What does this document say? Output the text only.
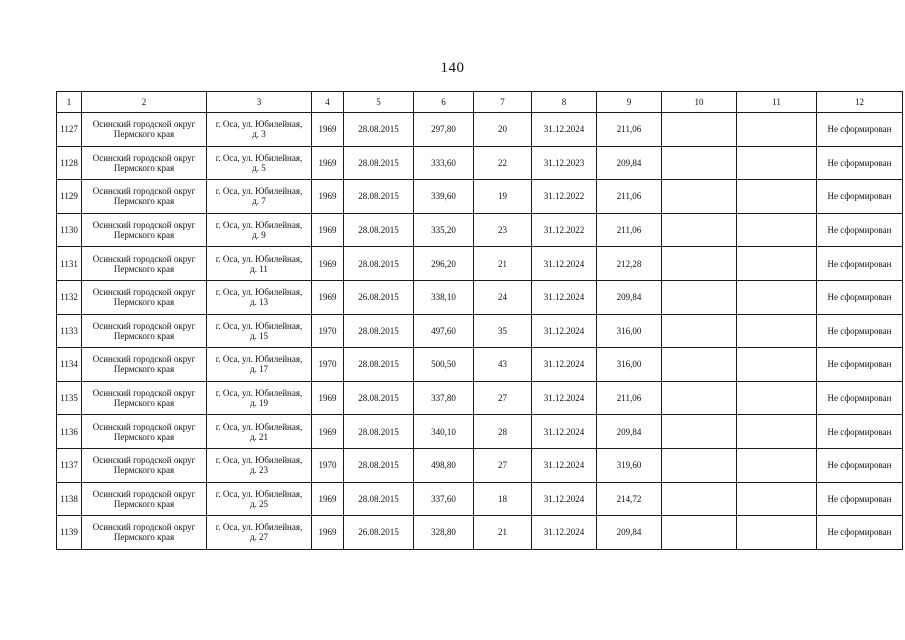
140
1	2	3	4	5	6	7	8	9	10	11	12
1127	Осинский городской округ
Пермского края	г. Оса, ул. Юбилейная,
д. 3	1969	28.08.2015	297,80	20	31.12.2024	211,06			Не сформирован
1128	Осинский городской округ
Пермского края	г. Оса, ул. Юбилейная,
д. 5	1969	28.08.2015	333,60	22	31.12.2023	209,84			Не сформирован
1129	Осинский городской округ
Пермского края	г. Оса, ул. Юбилейная,
д. 7	1969	28.08.2015	339,60	19	31.12.2022	211,06			Не сформирован
1130	Осинский городской округ
Пермского края	г. Оса, ул. Юбилейная,
д. 9	1969	28.08.2015	335,20	23	31.12.2022	211,06			Не сформирован
1131	Осинский городской округ
Пермского края	г. Оса, ул. Юбилейная,
д. 11	1969	28.08.2015	296,20	21	31.12.2024	212,28			Не сформирован
1132	Осинский городской округ
Пермского края	г. Оса, ул. Юбилейная,
д. 13	1969	26.08.2015	338,10	24	31.12.2024	209,84			Не сформирован
1133	Осинский городской округ
Пермского края	г. Оса, ул. Юбилейная,
д. 15	1970	28.08.2015	497,60	35	31.12.2024	316,00			Не сформирован
1134	Осинский городской округ
Пермского края	г. Оса, ул. Юбилейная,
д. 17	1970	28.08.2015	500,50	43	31.12.2024	316,00			Не сформирован
1135	Осинский городской округ
Пермского края	г. Оса, ул. Юбилейная,
д. 19	1969	28.08.2015	337,80	27	31.12.2024	211,06			Не сформирован
1136	Осинский городской округ
Пермского края	г. Оса, ул. Юбилейная,
д. 21	1969	28.08.2015	340,10	28	31.12.2024	209,84			Не сформирован
1137	Осинский городской округ
Пермского края	г. Оса, ул. Юбилейная,
д. 23	1970	28.08.2015	498,80	27	31.12.2024	319,60			Не сформирован
1138	Осинский городской округ
Пермского края	г. Оса, ул. Юбилейная,
д. 25	1969	28.08.2015	337,60	18	31.12.2024	214,72			Не сформирован
1139	Осинский городской округ
Пермского края	г. Оса, ул. Юбилейная,
д. 27	1969	26.08.2015	328,80	21	31.12.2024	209,84			Не сформирован
